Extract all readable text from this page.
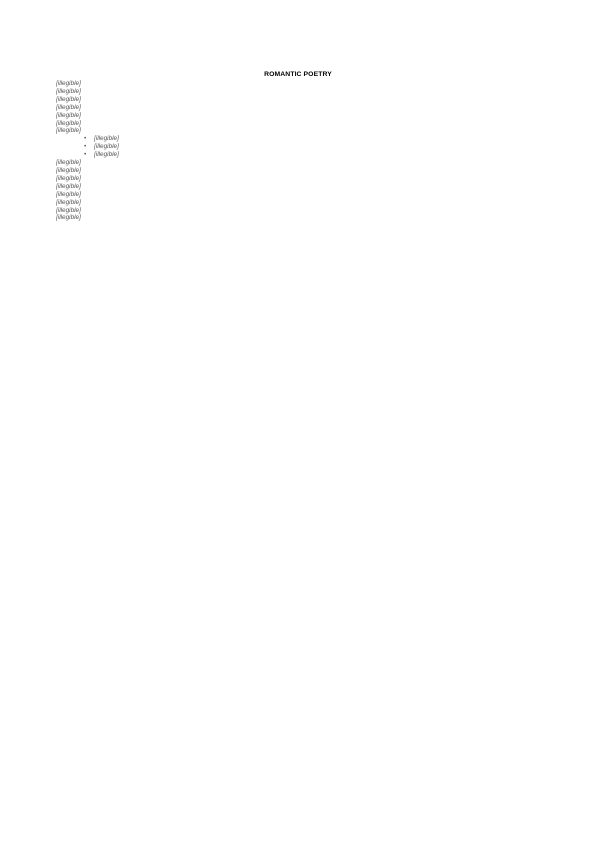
ROMANTIC POETRY

[illegible]

[illegible]

[illegible]

[illegible]

[illegible]

[illegible]

[illegible]

• [illegible]
• [illegible]
• [illegible]

[illegible]

[illegible]

[illegible]

[illegible]

[illegible]

[illegible]

[illegible]

[illegible]
